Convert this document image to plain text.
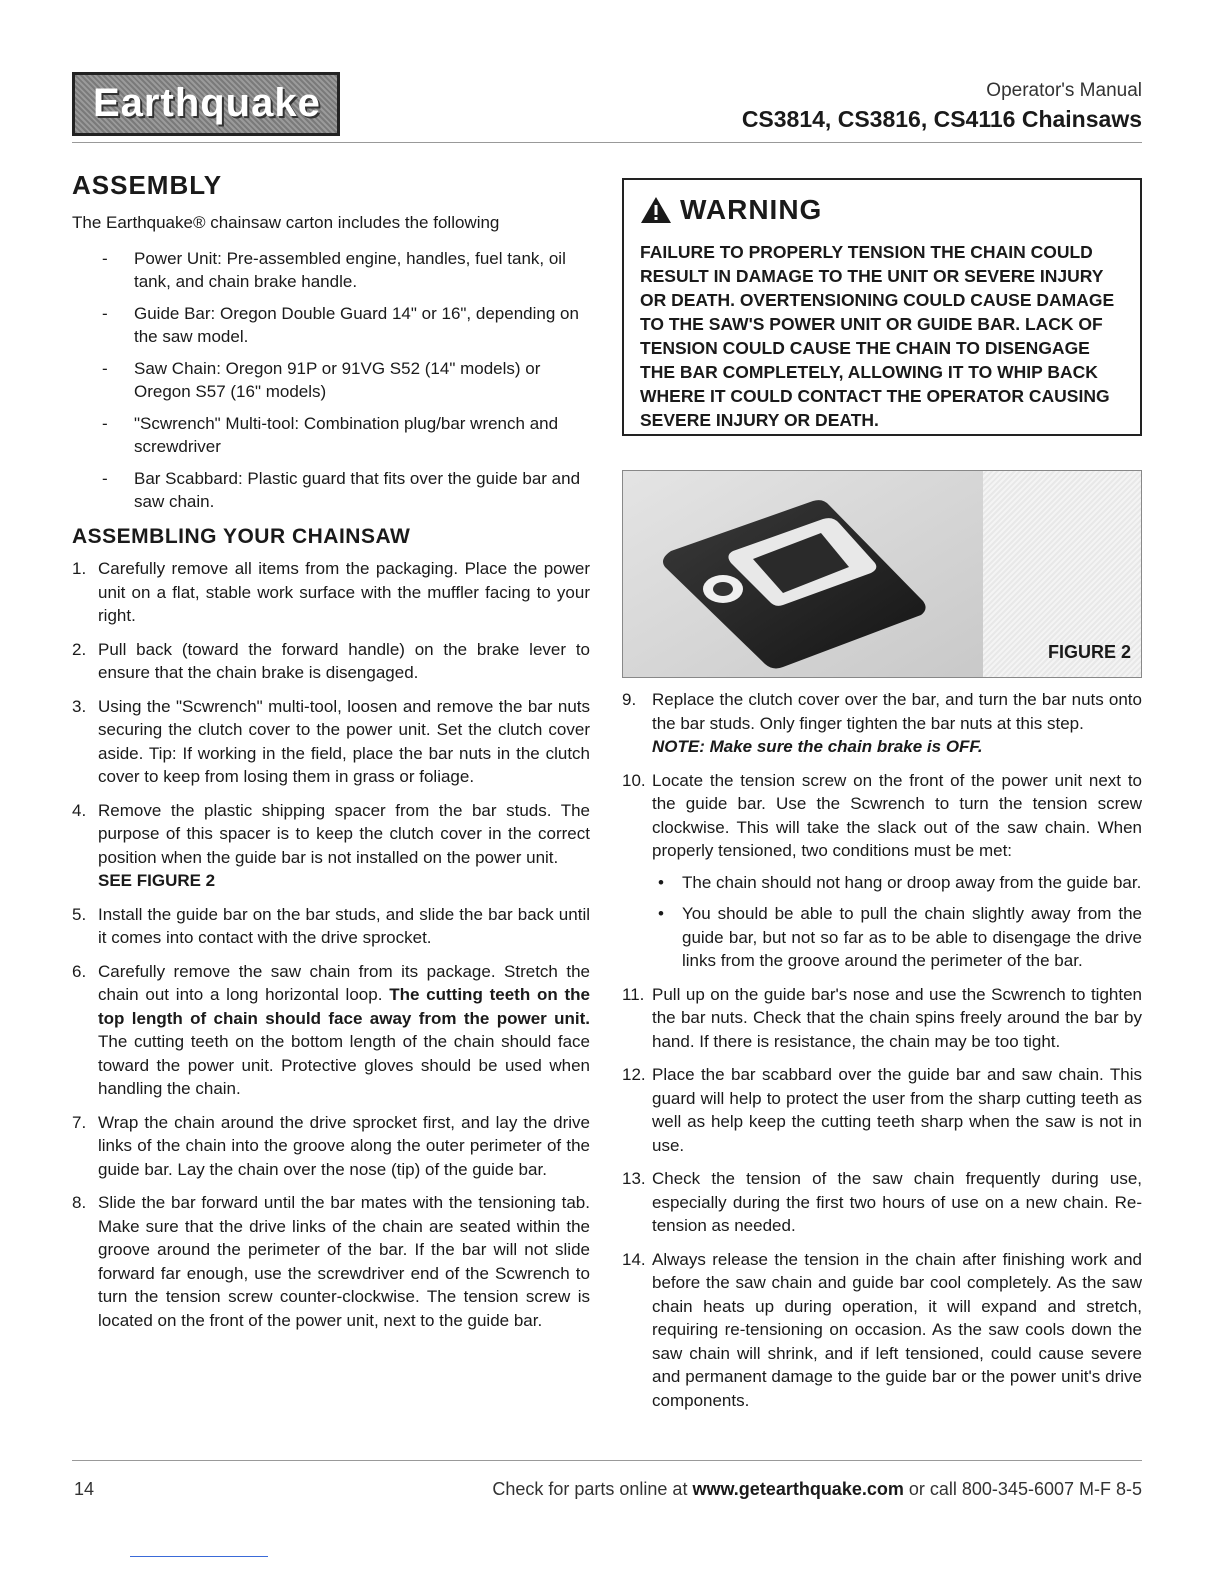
Earthquake	Operator's Manual
CS3814, CS3816, CS4116 Chainsaws
ASSEMBLY

The Earthquake® chainsaw carton includes the following

- Power Unit: Pre-assembled engine, handles, fuel tank, oil tank, and chain brake handle.
- Guide Bar: Oregon Double Guard 14" or 16", depending on the saw model.
- Saw Chain: Oregon 91P or 91VG S52 (14" models) or Oregon S57 (16" models)
- "Scwrench" Multi-tool: Combination plug/bar wrench and screwdriver
- Bar Scabbard: Plastic guard that fits over the guide bar and saw chain.
ASSEMBLING YOUR CHAINSAW
1. Carefully remove all items from the packaging. Place the power unit on a flat, stable work surface with the muffler facing to your right.
2. Pull back (toward the forward handle) on the brake lever to ensure that the chain brake is disengaged.
3. Using the "Scwrench" multi-tool, loosen and remove the bar nuts securing the clutch cover to the power unit. Set the clutch cover aside. Tip: If working in the field, place the bar nuts in the clutch cover to keep from losing them in grass or foliage.
4. Remove the plastic shipping spacer from the bar studs. The purpose of this spacer is to keep the clutch cover in the correct position when the guide bar is not installed on the power unit.
SEE FIGURE 2
5. Install the guide bar on the bar studs, and slide the bar back until it comes into contact with the drive sprocket.
6. Carefully remove the saw chain from its package. Stretch the chain out into a long horizontal loop. The cutting teeth on the top length of chain should face away from the power unit. The cutting teeth on the bottom length of the chain should face toward the power unit. Protective gloves should be used when handling the chain.
7. Wrap the chain around the drive sprocket first, and lay the drive links of the chain into the groove along the outer perimeter of the guide bar. Lay the chain over the nose (tip) of the guide bar.
8. Slide the bar forward until the bar mates with the tensioning tab. Make sure that the drive links of the chain are seated within the groove around the perimeter of the bar. If the bar will not slide forward far enough, use the screwdriver end of the Scwrench to turn the tension screw counter-clockwise. The tension screw is located on the front of the power unit, next to the guide bar.
WARNING
FAILURE TO PROPERLY TENSION THE CHAIN COULD RESULT IN DAMAGE TO THE UNIT OR SEVERE INJURY OR DEATH. OVERTENSIONING COULD CAUSE DAMAGE TO THE SAW'S POWER UNIT OR GUIDE BAR. LACK OF TENSION COULD CAUSE THE CHAIN TO DISENGAGE THE BAR COMPLETELY, ALLOWING IT TO WHIP BACK WHERE IT COULD CONTACT THE OPERATOR CAUSING SEVERE INJURY OR DEATH.
FIGURE 2
9. Replace the clutch cover over the bar, and turn the bar nuts onto the bar studs. Only finger tighten the bar nuts at this step.
NOTE: Make sure the chain brake is OFF.
10. Locate the tension screw on the front of the power unit next to the guide bar. Use the Scwrench to turn the tension screw clockwise. This will take the slack out of the saw chain. When properly tensioned, two conditions must be met:
• The chain should not hang or droop away from the guide bar.
• You should be able to pull the chain slightly away from the guide bar, but not so far as to be able to disengage the drive links from the groove around the perimeter of the bar.
11. Pull up on the guide bar's nose and use the Scwrench to tighten the bar nuts. Check that the chain spins freely around the bar by hand. If there is resistance, the chain may be too tight.
12. Place the bar scabbard over the guide bar and saw chain. This guard will help to protect the user from the sharp cutting teeth as well as help keep the cutting teeth sharp when the saw is not in use.
13. Check the tension of the saw chain frequently during use, especially during the first two hours of use on a new chain. Re-tension as needed.
14. Always release the tension in the chain after finishing work and before the saw chain and guide bar cool completely. As the saw chain heats up during operation, it will expand and stretch, requiring re-tensioning on occasion. As the saw cools down the saw chain will shrink, and if left tensioned, could cause severe and permanent damage to the guide bar or the power unit's drive components.
14	Check for parts online at www.getearthquake.com or call 800-345-6007 M-F 8-5
